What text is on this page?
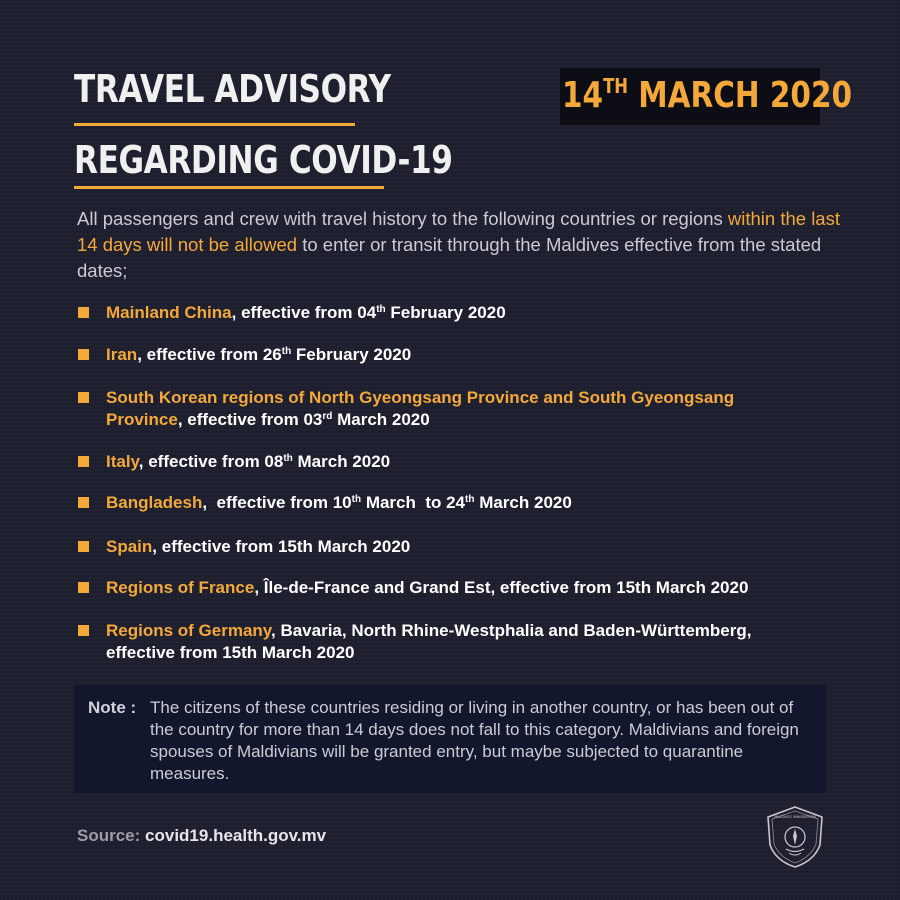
TRAVEL ADVISORY
REGARDING COVID-19
14TH MARCH 2020
All passengers and crew with travel history to the following countries or regions within the last 14 days will not be allowed to enter or transit through the Maldives effective from the stated dates;
Mainland China, effective from 04th February 2020
Iran, effective from 26th February 2020
South Korean regions of North Gyeongsang Province and South Gyeongsang
Province, effective from 03rd March 2020
Italy, effective from 08th March 2020
Bangladesh,  effective from 10th March  to 24th March 2020
Spain, effective from 15th March 2020
Regions of France, Île-de-France and Grand Est, effective from 15th March 2020
Regions of Germany, Bavaria, North Rhine-Westphalia and Baden-Württemberg,
effective from 15th March 2020
Note : The citizens of these countries residing or living in another country, or has been out of the country for more than 14 days does not fall to this category. Maldivians and foreign spouses of Maldivians will be granted entry, but maybe subjected to quarantine measures.
Source: covid19.health.gov.mv
MALDIVES IMMIGRATION
